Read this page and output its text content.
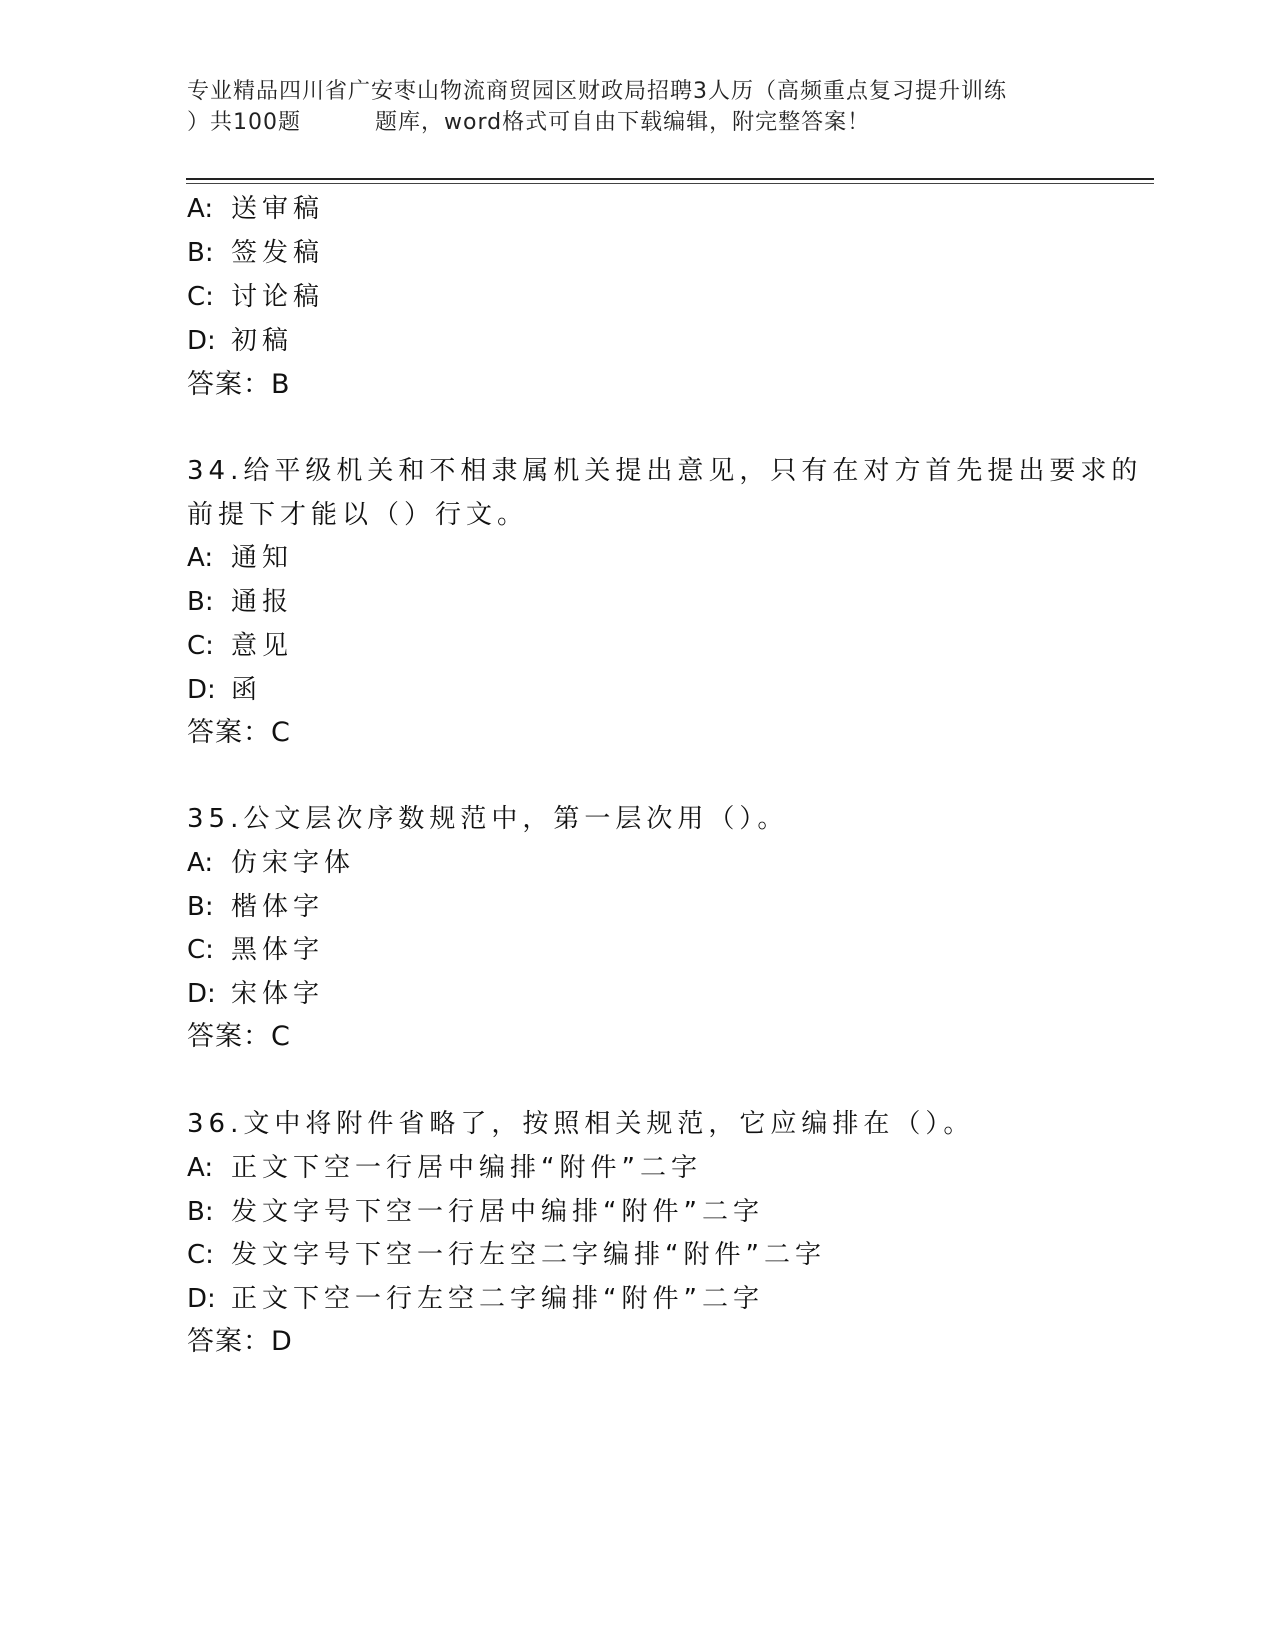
专业精品四川省广安枣山物流商贸园区财政局招聘3人历（高频重点复习提升训练
）共100题	题库，word格式可自由下载编辑，附完整答案！
A: 送审稿
B: 签发稿
C: 讨论稿
D: 初稿
答案：B
34.给平级机关和不相隶属机关提出意见，只有在对方首先提出要求的
前提下才能以（）行文。
A: 通知
B: 通报
C: 意见
D: 函
答案：C
35.公文层次序数规范中，第一层次用（）。
A: 仿宋字体
B: 楷体字
C: 黑体字
D: 宋体字
答案：C
36.文中将附件省略了，按照相关规范，它应编排在（）。
A: 正文下空一行居中编排“附件”二字
B: 发文字号下空一行居中编排“附件”二字
C: 发文字号下空一行左空二字编排“附件”二字
D: 正文下空一行左空二字编排“附件”二字
答案：D
